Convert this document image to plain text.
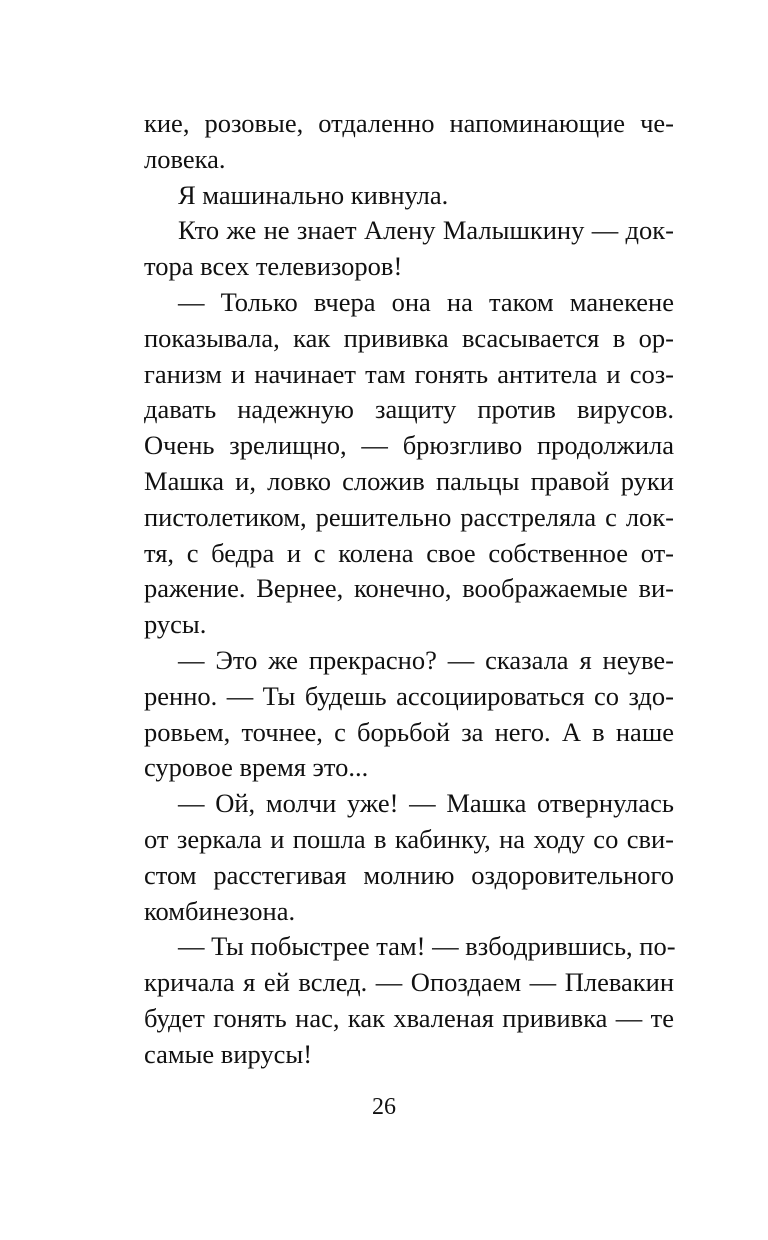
кие, розовые, отдаленно напоминающие че-
ловека.
Я машинально кивнула.
Кто же не знает Алену Малышкину — док-
тора всех телевизоров!
— Только вчера она на таком манекене
показывала, как прививка всасывается в ор-
ганизм и начинает там гонять антитела и соз-
давать надежную защиту против вирусов.
Очень зрелищно, — брюзгливо продолжила
Машка и, ловко сложив пальцы правой руки
пистолетиком, решительно расстреляла с лок-
тя, с бедра и с колена свое собственное от-
ражение. Вернее, конечно, воображаемые ви-
русы.
— Это же прекрасно? — сказала я неуве-
ренно. — Ты будешь ассоциироваться со здо-
ровьем, точнее, с борьбой за него. А в наше
суровое время это...
— Ой, молчи уже! — Машка отвернулась
от зеркала и пошла в кабинку, на ходу со сви-
стом расстегивая молнию оздоровительного
комбинезона.
— Ты побыстрее там! — взбодрившись, по-
кричала я ей вслед. — Опоздаем — Плевакин
будет гонять нас, как хваленая прививка — те
самые вирусы!
26
